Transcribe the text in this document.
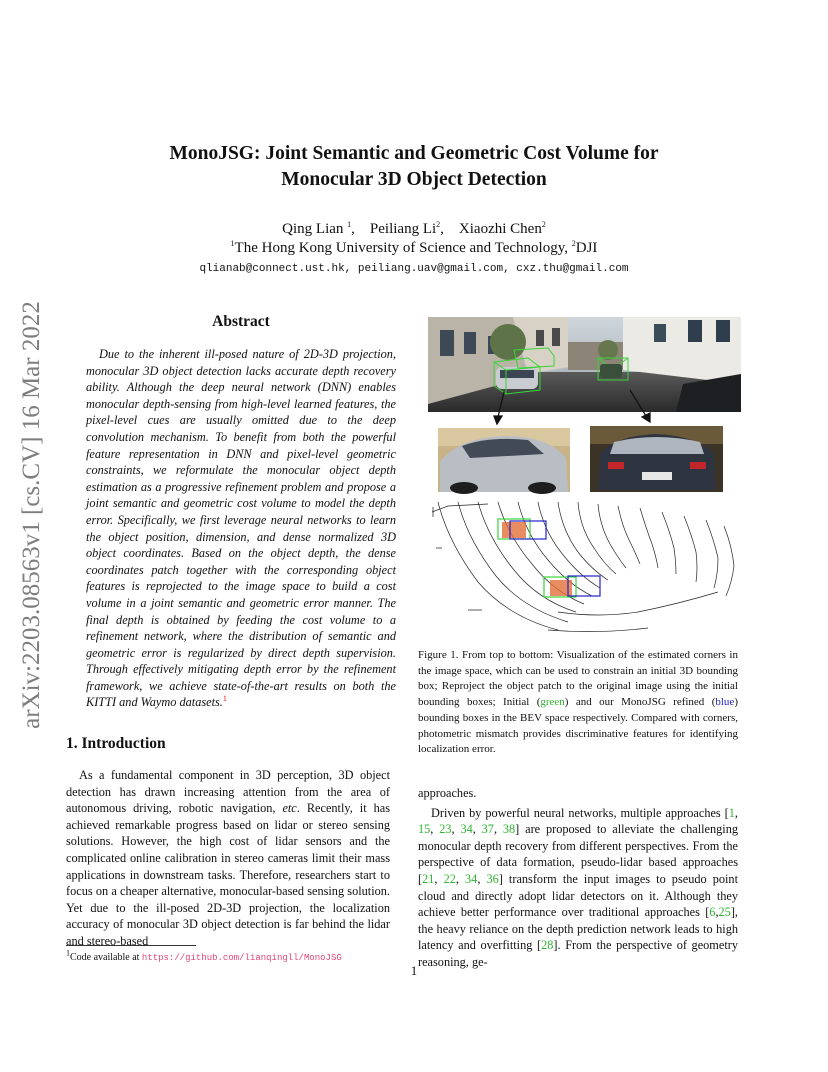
MonoJSG: Joint Semantic and Geometric Cost Volume for
Monocular 3D Object Detection
Qing Lian $^1$,    Peiliang Li$^2$,    Xiaozhi Chen$^2$
$^1$The Hong Kong University of Science and Technology, $^2$DJI
qlianab@connect.ust.hk, peiliang.uav@gmail.com, cxz.thu@gmail.com
arXiv:2203.08563v1 [cs.CV] 16 Mar 2022	Abstract
Due to the inherent ill-posed nature of 2D-3D projection, monocular 3D object detection lacks accurate depth recovery ability. Although the deep neural network (DNN) enables monocular depth-sensing from high-level learned features, the pixel-level cues are usually omitted due to the deep convolution mechanism. To benefit from both the powerful feature representation in DNN and pixel-level geometric constraints, we reformulate the monocular object depth estimation as a progressive refinement problem and propose a joint semantic and geometric cost volume to model the depth error. Specifically, we first leverage neural networks to learn the object position, dimension, and dense normalized 3D object coordinates. Based on the object depth, the dense coordinates patch together with the corresponding object features is reprojected to the image space to build a cost volume in a joint semantic and geometric error manner. The final depth is obtained by feeding the cost volume to a refinement network, where the distribution of semantic and geometric error is regularized by direct depth supervision. Through effectively mitigating depth error by the refinement framework, we achieve state-of-the-art results on both the KITTI and Waymo datasets.$^1$
1. Introduction
As a fundamental component in 3D perception, 3D object detection has drawn increasing attention from the area of autonomous driving, robotic navigation, etc. Recently, it has achieved remarkable progress based on lidar or stereo sensing solutions. However, the high cost of lidar sensors and the complicated online calibration in stereo cameras limit their mass applications in downstream tasks. Therefore, researchers start to focus on a cheaper alternative, monocular-based sensing solution. Yet due to the ill-posed 2D-3D projection, the localization accuracy of monocular 3D object detection is far behind the lidar and stereo-based
$^1$Code available at https://github.com/lianqingll/MonoJSG
Figure 1. From top to bottom: Visualization of the estimated corners in the image space, which can be used to constrain an initial 3D bounding box; Reproject the object patch to the original image using the initial bounding boxes; Initial (green) and our MonoJSG refined (blue) bounding boxes in the BEV space respectively. Compared with corners, photometric mismatch provides discriminative features for identifying localization error.

approaches.

Driven by powerful neural networks, multiple approaches [1, 15, 23, 34, 37, 38] are proposed to alleviate the challenging monocular depth recovery from different perspectives. From the perspective of data formation, pseudo-lidar based approaches [21, 22, 34, 36] transform the input images to pseudo point cloud and directly adopt lidar detectors on it. Although they achieve better performance over traditional approaches [6,25], the heavy reliance on the depth prediction network leads to high latency and overfitting [28]. From the perspective of geometry reasoning, ge-

1
